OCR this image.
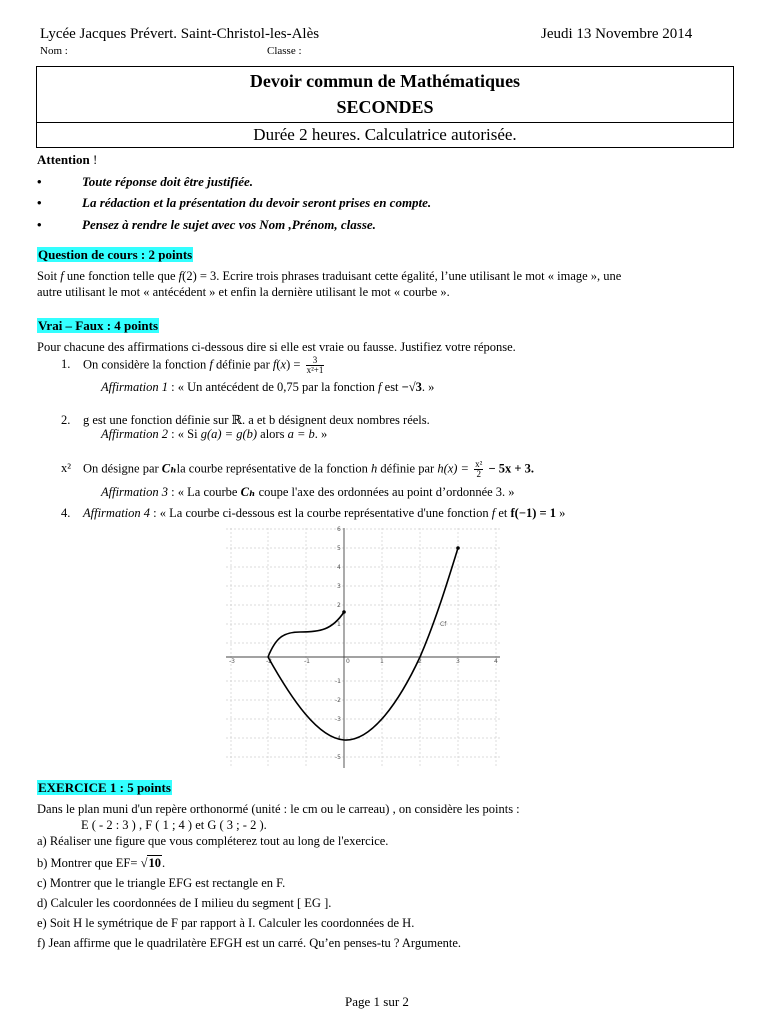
Lycée Jacques Prévert. Saint-Christol-les-Alès	Jeudi 13 Novembre 2014
Nom :	Classe :
Devoir commun de Mathématiques
SECONDES
Durée 2 heures. Calculatrice autorisée.
Attention !
•	Toute réponse doit être justifiée.
•	La rédaction et la présentation du devoir seront prises en compte.
•	Pensez à rendre le sujet avec vos Nom ,Prénom, classe.
Question de cours : 2 points
Soit f une fonction telle que f(2) = 3. Ecrire trois phrases traduisant cette égalité, l’une utilisant le mot « image », une
autre utilisant le mot « antécédent » et enfin la dernière utilisant le mot « courbe ».
Vrai – Faux : 4 points
Pour chacune des affirmations ci-dessous dire si elle est vraie ou fausse. Justifiez votre réponse.
1. On considère la fonction f définie par $f(x) = \frac{3}{\text{x²+1}}$
Affirmation 1 : « Un antécédent de 0,75 par la fonction f est −√3. »
2. g est une fonction définie sur ℝ. a et b désignent deux nombres réels.
Affirmation 2 : « Si g(a) = g(b) alors a = b. »
x² On désigne par Cₕla courbe représentative de la fonction h définie par $h(x) = \frac{\text{x²}}{2} - 5x + 3$.
Affirmation 3 : « La courbe Cₕ coupe l'axe des ordonnées au point d’ordonnée 3. »
4. Affirmation 4 : « La courbe ci-dessous est la courbe représentative d'une fonction f et f(−1) = 1 »
-3	-2	-1	0	1	2	3	4
6
5
4
3
2
1
-1
-2
-3
-4
-5
Cf
EXERCICE 1 : 5 points
Dans le plan muni d'un repère orthonormé (unité : le cm ou le carreau) , on considère les points :
E ( - 2 : 3 ) , F ( 1 ; 4 ) et G ( 3 ; - 2 ).
a) Réaliser une figure que vous compléterez tout au long de l'exercice.
b) Montrer que EF= √10.
c) Montrer que le triangle EFG est rectangle en F.
d) Calculer les coordonnées de I milieu du segment [ EG ].
e) Soit H le symétrique de F par rapport à I. Calculer les coordonnées de H.
f) Jean affirme que le quadrilatère EFGH est un carré. Qu’en penses-tu ? Argumente.
Page 1 sur 2
